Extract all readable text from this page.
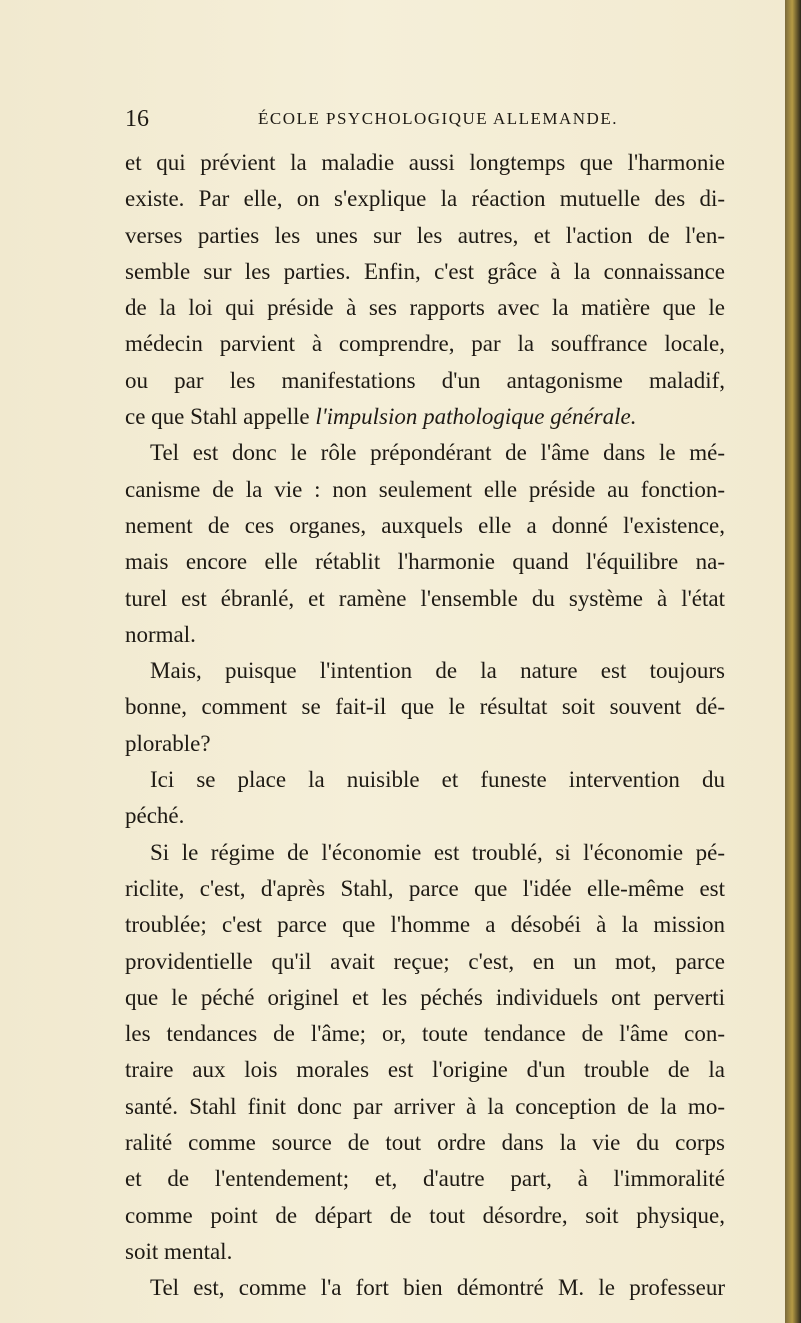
16	ÉCOLE PSYCHOLOGIQUE ALLEMANDE.
et qui prévient la maladie aussi longtemps que l'harmonie
existe. Par elle, on s'explique la réaction mutuelle des di-
verses parties les unes sur les autres, et l'action de l'en-
semble sur les parties. Enfin, c'est grâce à la connaissance
de la loi qui préside à ses rapports avec la matière que le
médecin parvient à comprendre, par la souffrance locale,
ou par les manifestations d'un antagonisme maladif,
ce que Stahl appelle l'impulsion pathologique générale.
Tel est donc le rôle prépondérant de l'âme dans le mé-
canisme de la vie : non seulement elle préside au fonction-
nement de ces organes, auxquels elle a donné l'existence,
mais encore elle rétablit l'harmonie quand l'équilibre na-
turel est ébranlé, et ramène l'ensemble du système à l'état
normal.
Mais, puisque l'intention de la nature est toujours
bonne, comment se fait-il que le résultat soit souvent dé-
plorable?
Ici se place la nuisible et funeste intervention du
péché.
Si le régime de l'économie est troublé, si l'économie pé-
riclite, c'est, d'après Stahl, parce que l'idée elle-même est
troublée; c'est parce que l'homme a désobéi à la mission
providentielle qu'il avait reçue; c'est, en un mot, parce
que le péché originel et les péchés individuels ont perverti
les tendances de l'âme; or, toute tendance de l'âme con-
traire aux lois morales est l'origine d'un trouble de la
santé. Stahl finit donc par arriver à la conception de la mo-
ralité comme source de tout ordre dans la vie du corps
et de l'entendement; et, d'autre part, à l'immoralité
comme point de départ de tout désordre, soit physique,
soit mental.
Tel est, comme l'a fort bien démontré M. le professeur
